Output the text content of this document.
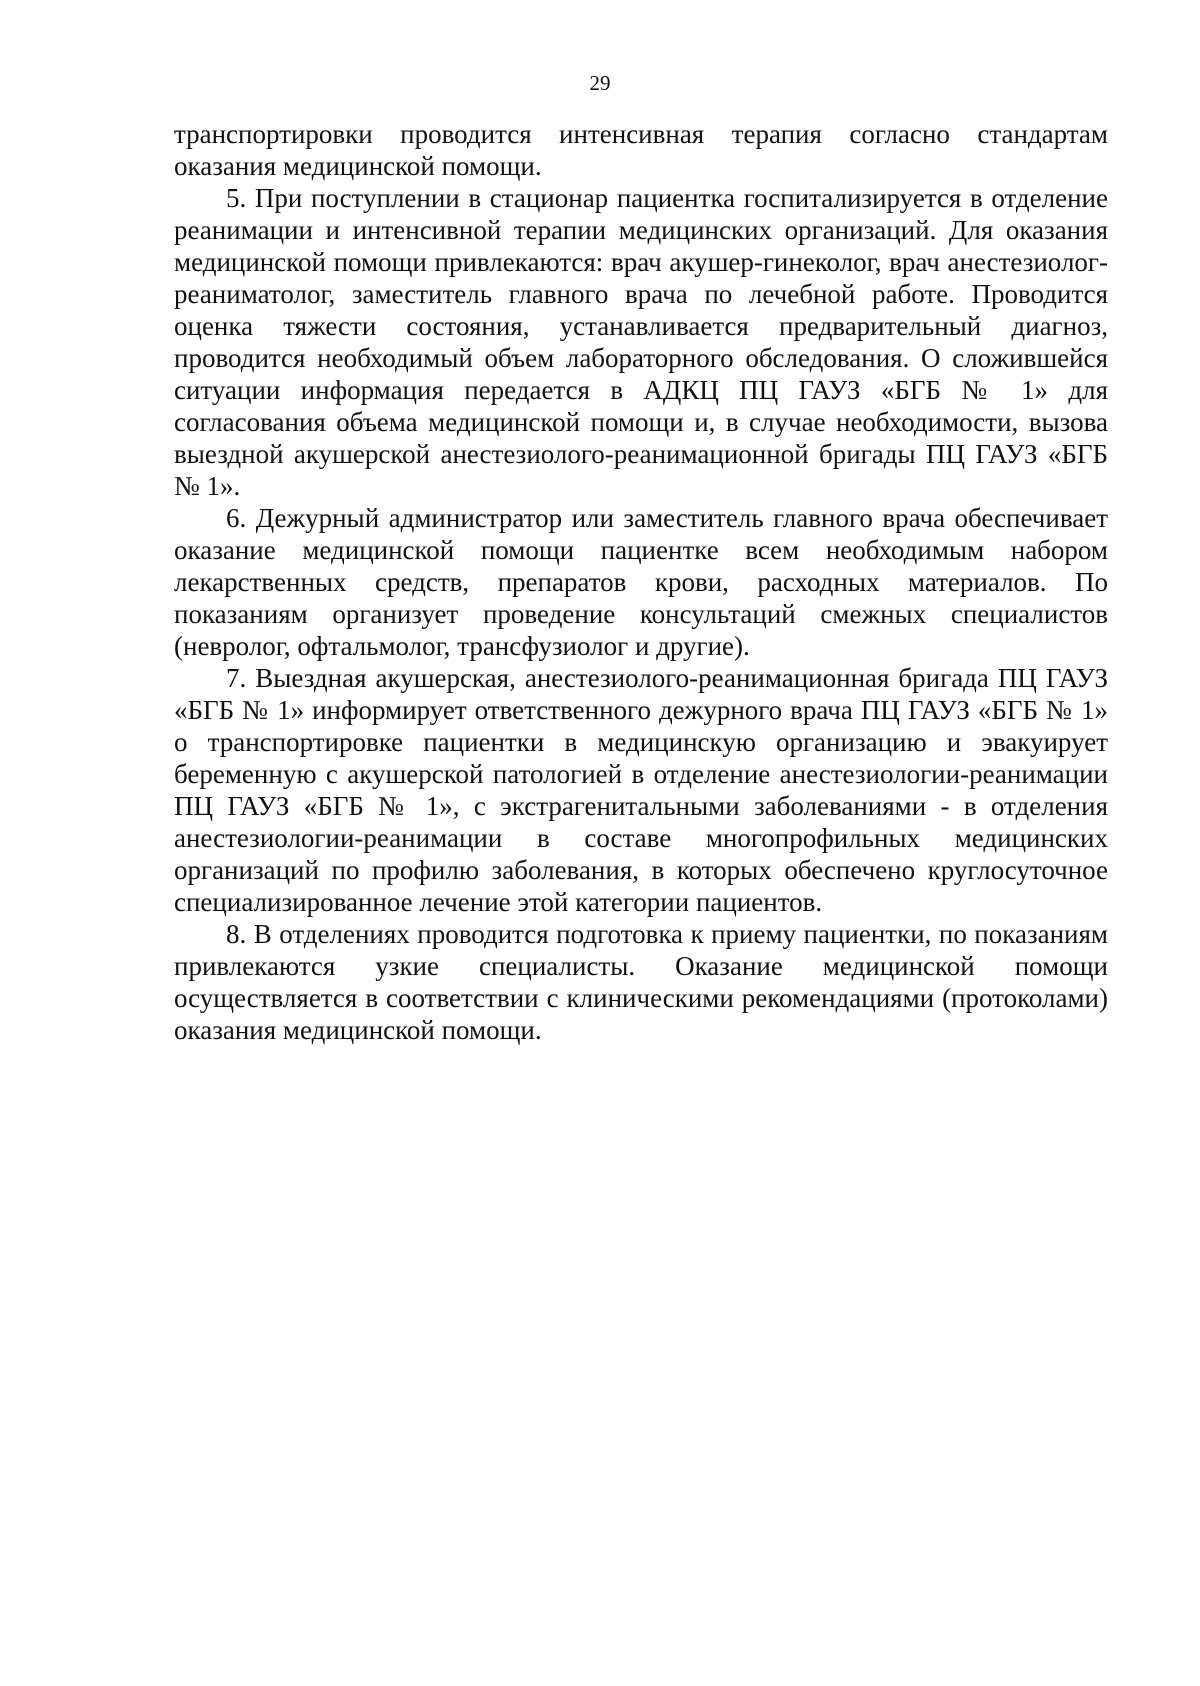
29

транспортировки проводится интенсивная терапия согласно стандартам оказания медицинской помощи.

5. При поступлении в стационар пациентка госпитализируется в отделение реанимации и интенсивной терапии медицинских организаций. Для оказания медицинской помощи привлекаются: врач акушер-гинеколог, врач анестезиолог-реаниматолог, заместитель главного врача по лечебной работе. Проводится оценка тяжести состояния, устанавливается предварительный диагноз, проводится необходимый объем лабораторного обследования. О сложившейся ситуации информация передается в АДКЦ ПЦ ГАУЗ «БГБ № 1» для согласования объема медицинской помощи и, в случае необходимости, вызова выездной акушерской анестезиолого-реанимационной бригады ПЦ ГАУЗ «БГБ № 1».

6. Дежурный администратор или заместитель главного врача обеспечивает оказание медицинской помощи пациентке всем необходимым набором лекарственных средств, препаратов крови, расходных материалов. По показаниям организует проведение консультаций смежных специалистов (невролог, офтальмолог, трансфузиолог и другие).

7. Выездная акушерская, анестезиолого-реанимационная бригада ПЦ ГАУЗ «БГБ № 1» информирует ответственного дежурного врача ПЦ ГАУЗ «БГБ № 1» о транспортировке пациентки в медицинскую организацию и эвакуирует беременную с акушерской патологией в отделение анестезиологии-реанимации ПЦ ГАУЗ «БГБ № 1», с экстрагенитальными заболеваниями - в отделения анестезиологии-реанимации в составе многопрофильных медицинских организаций по профилю заболевания, в которых обеспечено круглосуточное специализированное лечение этой категории пациентов.

8. В отделениях проводится подготовка к приему пациентки, по показаниям привлекаются узкие специалисты. Оказание медицинской помощи осуществляется в соответствии с клиническими рекомендациями (протоколами) оказания медицинской помощи.
